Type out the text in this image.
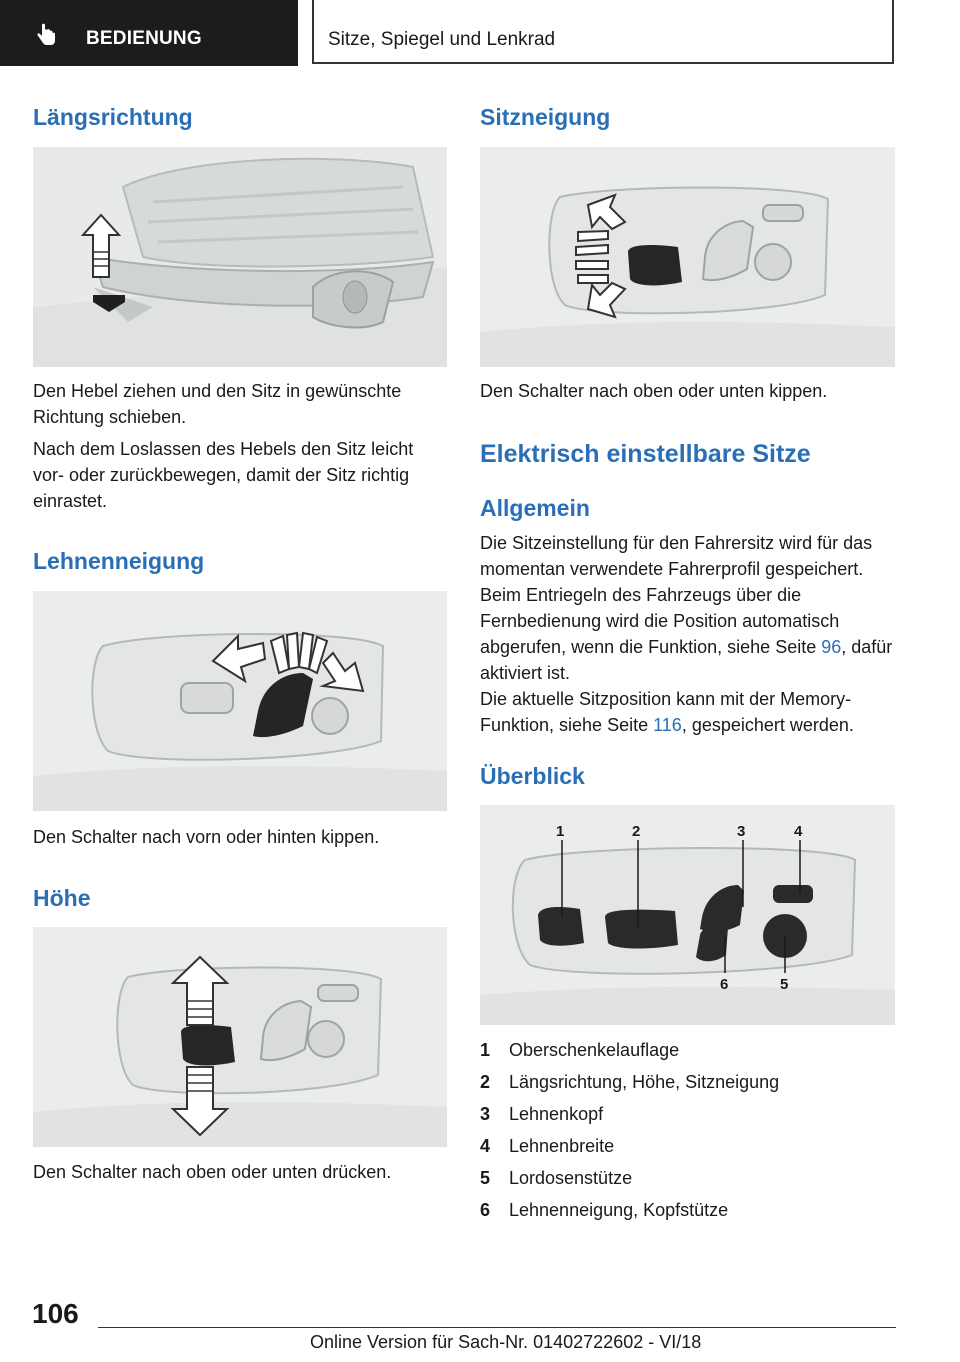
BEDIENUNG	Sitze, Spiegel und Lenkrad
Längsrichtung

Den Hebel ziehen und den Sitz in gewünschte Richtung schieben.

Nach dem Loslassen des Hebels den Sitz leicht vor- oder zurückbewegen, damit der Sitz richtig einrastet.

Lehnenneigung

Den Schalter nach vorn oder hinten kippen.

Höhe

Den Schalter nach oben oder unten drücken.

Sitzneigung

Den Schalter nach oben oder unten kippen.

Elektrisch einstellbare Sitze
Allgemein

Die Sitzeinstellung für den Fahrersitz wird für das momentan verwendete Fahrerprofil gespeichert. Beim Entriegeln des Fahrzeugs über die Fernbedienung wird die Position automatisch abgerufen, wenn die Funktion, siehe Seite 96, dafür aktiviert ist.

Die aktuelle Sitzposition kann mit der Memory-Funktion, siehe Seite 116, gespeichert werden.

Überblick
1	2	3	4
6	5
1 Oberschenkelauflage
2 Längsrichtung, Höhe, Sitzneigung
3 Lehnenkopf
4 Lehnenbreite
5 Lordosenstütze
6 Lehnenneigung, Kopfstütze
106
Online Version für Sach-Nr. 01402722602 - VI/18
